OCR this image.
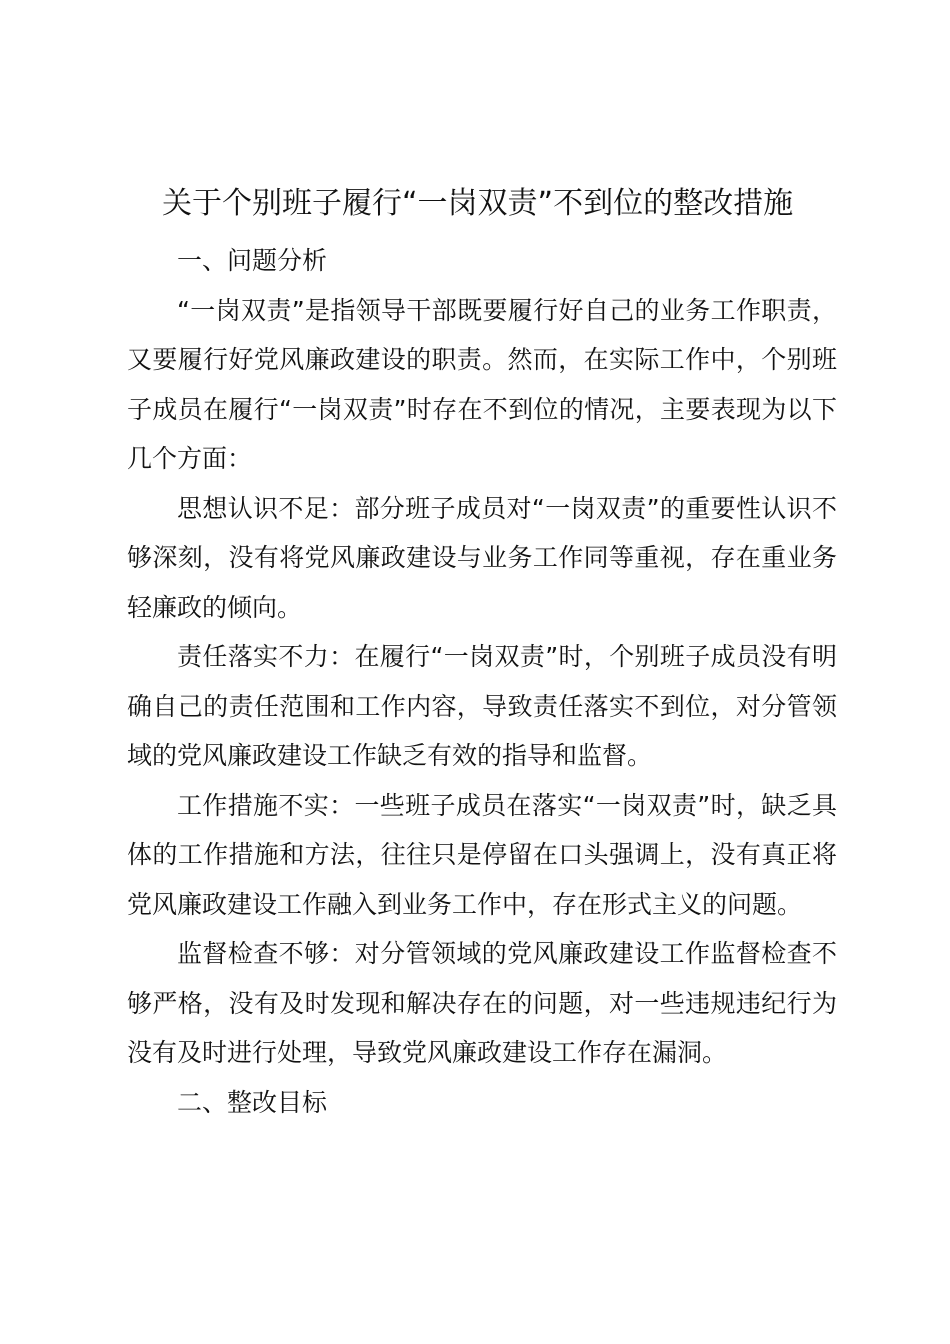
关于个别班子履行“一岗双责”不到位的整改措施

一、问题分析

“一岗双责”是指领导干部既要履行好自己的业务工作职责，又要履行好党风廉政建设的职责。然而，在实际工作中，个别班子成员在履行“一岗双责”时存在不到位的情况，主要表现为以下几个方面：

思想认识不足：部分班子成员对“一岗双责”的重要性认识不够深刻，没有将党风廉政建设与业务工作同等重视，存在重业务轻廉政的倾向。

责任落实不力：在履行“一岗双责”时，个别班子成员没有明确自己的责任范围和工作内容，导致责任落实不到位，对分管领域的党风廉政建设工作缺乏有效的指导和监督。

工作措施不实：一些班子成员在落实“一岗双责”时，缺乏具体的工作措施和方法，往往只是停留在口头强调上，没有真正将党风廉政建设工作融入到业务工作中，存在形式主义的问题。

监督检查不够：对分管领域的党风廉政建设工作监督检查不够严格，没有及时发现和解决存在的问题，对一些违规违纪行为没有及时进行处理，导致党风廉政建设工作存在漏洞。

二、整改目标
